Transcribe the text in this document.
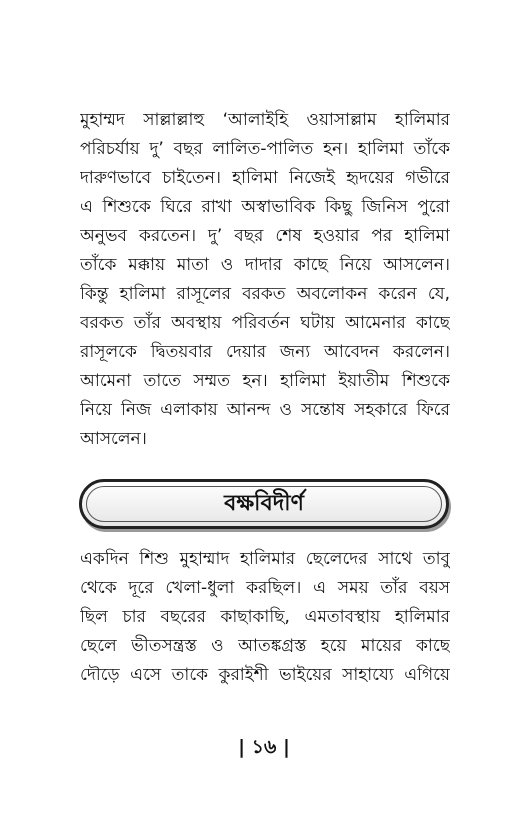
মুহাম্মদ সাল্লাল্লাহু ‘আলাইহি ওয়াসাল্লাম হালিমার
পরিচর্যায় দু’ বছর লালিত-পালিত হন। হালিমা তাঁকে
দারুণভাবে চাইতেন। হালিমা নিজেই হৃদয়ের গভীরে
এ শিশুকে ঘিরে রাখা অস্বাভাবিক কিছু জিনিস পুরো
অনুভব করতেন। দু’ বছর শেষ হওয়ার পর হালিমা
তাঁকে মক্কায় মাতা ও দাদার কাছে নিয়ে আসলেন।
কিন্তু হালিমা রাসূলের বরকত অবলোকন করেন যে,
বরকত তাঁর অবস্থায় পরিবর্তন ঘটায় আমেনার কাছে
রাসূলকে দ্বিতয়বার দেয়ার জন্য আবেদন করলেন।
আমেনা তাতে সম্মত হন। হালিমা ইয়াতীম শিশুকে
নিয়ে নিজ এলাকায় আনন্দ ও সন্তোষ সহকারে ফিরে
আসলেন।
বক্ষবিদীর্ণ
একদিন শিশু মুহাম্মাদ হালিমার ছেলেদের সাথে তাবু
থেকে দূরে খেলা-ধুলা করছিল। এ সময় তাঁর বয়স
ছিল চার বছরের কাছাকাছি, এমতাবস্থায় হালিমার
ছেলে ভীতসন্ত্রস্ত ও আতঙ্কগ্রস্ত হয়ে মায়ের কাছে
দৌড়ে এসে তাকে কুরাইশী ভাইয়ের সাহায্যে এগিয়ে
| ১৬ |
